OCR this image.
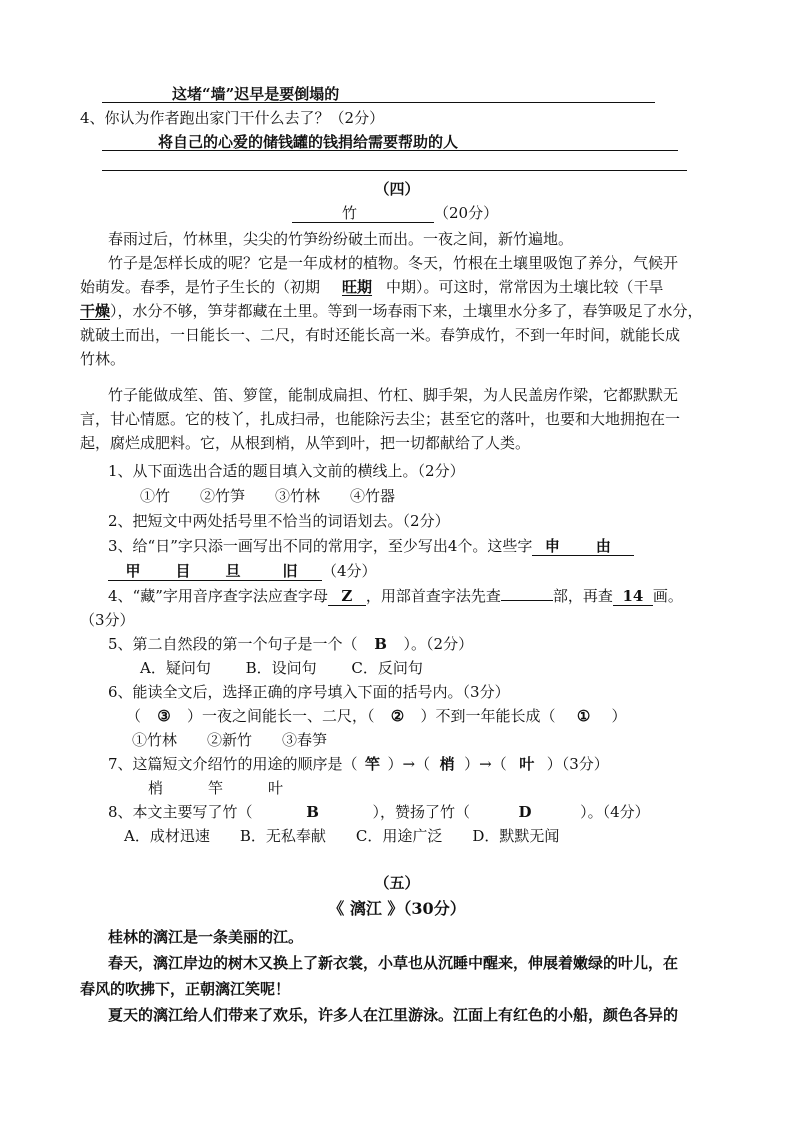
这堵“墙”迟早是要倒塌的
4、你认为作者跑出家门干什么去了？（2分）
将自己的心爱的储钱罐的钱捐给需要帮助的人
（四）
竹	（20分）
春雨过后，竹林里，尖尖的竹笋纷纷破土而出。一夜之间，新竹遍地。
竹子是怎样长成的呢？它是一年成材的植物。冬天，竹根在土壤里吸饱了养分，气候开
始萌发。春季，是竹子生长的（初期 旺期 中期）。可这时，常常因为土壤比较（干旱
干燥），水分不够，笋芽都藏在土里。等到一场春雨下来，土壤里水分多了，春笋吸足了水分，
就破土而出，一日能长一、二尺，有时还能长高一米。春笋成竹，不到一年时间，就能长成
竹林。
竹子能做成笙、笛、箩筐，能制成扁担、竹杠、脚手架，为人民盖房作梁，它都默默无
言，甘心情愿。它的枝丫，扎成扫帚，也能除污去尘；甚至它的落叶，也要和大地拥抱在一
起，腐烂成肥料。它，从根到梢，从竿到叶，把一切都献给了人类。
1、从下面选出合适的题目填入文前的横线上。（2分）
①竹　　②竹笋　　③竹林　　④竹器
2、把短文中两处括号里不恰当的词语划去。（2分）
3、给“日”字只添一画写出不同的常用字，至少写出4个。这些字 申 由
甲 目 旦	旧 （4分）
4、“藏”字用音序查字法应查字母 Z ，用部首查字法先查	部，再查 14 画。
（3分）
5、第二自然段的第一个句子是一个（ B ）。（2分）
A．疑问句　　 B．设问句　　 C．反问句
6、能读全文后，选择正确的序号填入下面的括号内。（3分）
（ ③ ）一夜之间能长一、二尺，（ ② ）不到一年能长成（ ① ）
①竹林　　②新竹　　③春笋
7、这篇短文介绍竹的用途的顺序是（ 竿 ）→（ 梢 ）→（ 叶 ）（3分）
梢　　　竿　　　叶
8、本文主要写了竹（	B	），赞扬了竹（	D	）。（4分）
A．成材迅速　　B．无私奉献　　C．用途广泛　　D．默默无闻
（五）
《 漓江 》（30分）
桂林的漓江是一条美丽的江。
春天，漓江岸边的树木又换上了新衣裳，小草也从沉睡中醒来，伸展着嫩绿的叶儿，在
春风的吹拂下，正朝漓江笑呢！
夏天的漓江给人们带来了欢乐，许多人在江里游泳。江面上有红色的小船，颜色各异的
